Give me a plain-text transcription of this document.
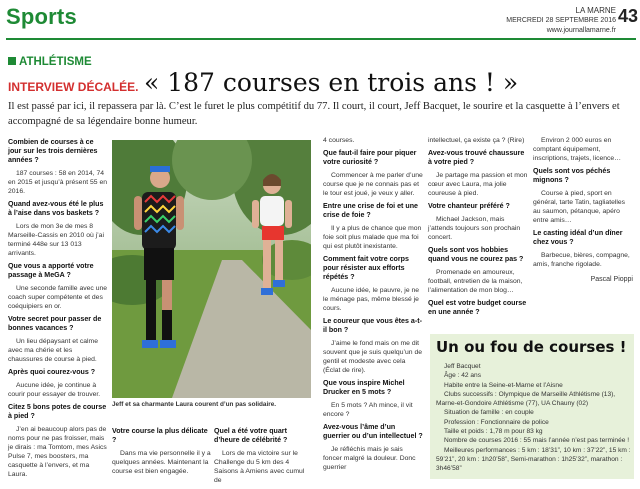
Sports	LA MARNE
MERCREDI 28 SEPTEMBRE 2016
www.journallamarne.fr
43
ATHLÉTISME
INTERVIEW DÉCALÉE. « 187 courses en trois ans ! »
Il est passé par ici, il repassera par là. C’est le furet le plus compétitif du 77. Il court, il court, Jeff Bacquet, le sourire et la casquette à l’envers et accompagné de sa légendaire bonne humeur.

Combien de courses à ce jour sur les trois dernières années ?

187 courses : 58 en 2014, 74 en 2015 et jusqu’à présent 55 en 2016.

Quand avez-vous été le plus à l’aise dans vos baskets ?

Lors de mon 3e de mes 8 Marseille-Cassis en 2010 où j’ai terminé 448e sur 13 013 arrivants.

Que vous a apporté votre passage à MeGA ?

Une seconde famille avec une coach super compétente et des coéquipiers en or.

Votre secret pour passer de bonnes vacances ?

Un lieu dépaysant et calme avec ma chérie et les chaussures de course à pied.

Après quoi courez-vous ?

Aucune idée, je continue à courir pour essayer de trouver.

Citez 5 bons potes de course à pied ?

J’en ai beaucoup alors pas de noms pour ne pas froisser, mais je dirais : ma Tomtom, mes Asics Pulse 7, mes boosters, ma casquette à l’envers, et ma Laura.

Jeff et sa charmante Laura courent d’un pas solidaire.

Votre course la plus délicate ?

Dans ma vie personnelle il y a quelques années. Maintenant la course est bien engagée.

Quel a été votre quart d’heure de célébrité ?

Lors de ma victoire sur le Challenge du 5 km des 4 Saisons à Amiens avec cumul de

4 courses.

Que faut-il faire pour piquer votre curiosité ?

Commencer à me parler d’une course que je ne connais pas et le tour est joué, je veux y aller.

Entre une crise de foi et une crise de foie ?

Il y a plus de chance que mon foie soit plus malade que ma foi qui est plutôt inexistante.

Comment fait votre corps pour résister aux efforts répétés ?

Aucune idée, le pauvre, je ne le ménage pas, même blessé je cours.

Le coureur que vous êtes a-t-il bon ?

J’aime le fond mais on me dit souvent que je suis quelqu’un de gentil et modeste avec cela (Éclat de rire).

Que vous inspire Michel Drucker en 5 mots ?

En 5 mots ? Ah mince, il vit encore ?

Avez-vous l’âme d’un guerrier ou d’un intellectuel ?

Je réfléchis mais je sais foncer malgré la douleur. Donc guerrier

intellectuel, ça existe ça ? (Rire)

Avez-vous trouvé chaussure à votre pied ?

Je partage ma passion et mon cœur avec Laura, ma jolie coureuse à pied.

Votre chanteur préféré ?

Michael Jackson, mais j’attends toujours son prochain concert.

Quels sont vos hobbies quand vous ne courez pas ?

Promenade en amoureux, football, entretien de la maison, l’alimentation de mon blog…

Quel est votre budget course en une année ?

Environ 2 000 euros en comptant équipement, inscriptions, trajets, licence…

Quels sont vos péchés mignons ?

Course à pied, sport en général, tarte Tatin, tagliatelles au saumon, pétanque, apéro entre amis…

Le casting idéal d’un dîner chez vous ?

Barbecue, bières, compagne, amis, franche rigolade.

Pascal Pioppi

Un ou fou de courses !

Jeff Bacquet

Âge : 42 ans

Habite entre la Seine-et-Marne et l’Aisne

Clubs successifs : Olympique de Marseille Athlétisme (13), Marne-et-Gondoire Athlétisme (77), UA Chauny (02)

Situation de famille : en couple

Profession : Fonctionnaire de police

Taille et poids : 1,78 m pour 83 kg

Nombre de courses 2016 : 55 mais l’année n’est pas terminée !

Meilleures performances : 5 km : 18’31”, 10 km : 37’22”, 15 km : 59’21”, 20 km : 1h20’58”, Semi-marathon : 1h25’32”, marathon : 3h46’58”
